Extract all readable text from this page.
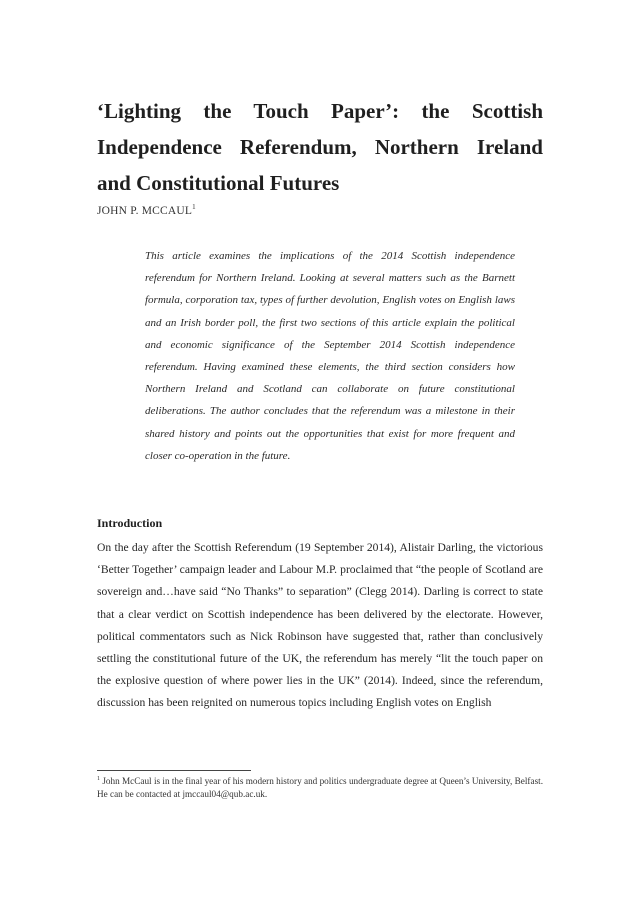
‘Lighting the Touch Paper’: the Scottish Independence Referendum, Northern Ireland and Constitutional Futures

JOHN P. MCCAUL$^1$

This article examines the implications of the 2014 Scottish independence referendum for Northern Ireland. Looking at several matters such as the Barnett formula, corporation tax, types of further devolution, English votes on English laws and an Irish border poll, the first two sections of this article explain the political and economic significance of the September 2014 Scottish independence referendum. Having examined these elements, the third section considers how Northern Ireland and Scotland can collaborate on future constitutional deliberations. The author concludes that the referendum was a milestone in their shared history and points out the opportunities that exist for more frequent and closer co-operation in the future.

Introduction

On the day after the Scottish Referendum (19 September 2014), Alistair Darling, the victorious ‘Better Together’ campaign leader and Labour M.P. proclaimed that “the people of Scotland are sovereign and…have said “No Thanks” to separation” (Clegg 2014). Darling is correct to state that a clear verdict on Scottish independence has been delivered by the electorate. However, political commentators such as Nick Robinson have suggested that, rather than conclusively settling the constitutional future of the UK, the referendum has merely “lit the touch paper on the explosive question of where power lies in the UK” (2014). Indeed, since the referendum, discussion has been reignited on numerous topics including English votes on English

$^1$ John McCaul is in the final year of his modern history and politics undergraduate degree at Queen’s University, Belfast. He can be contacted at jmccaul04@qub.ac.uk.
